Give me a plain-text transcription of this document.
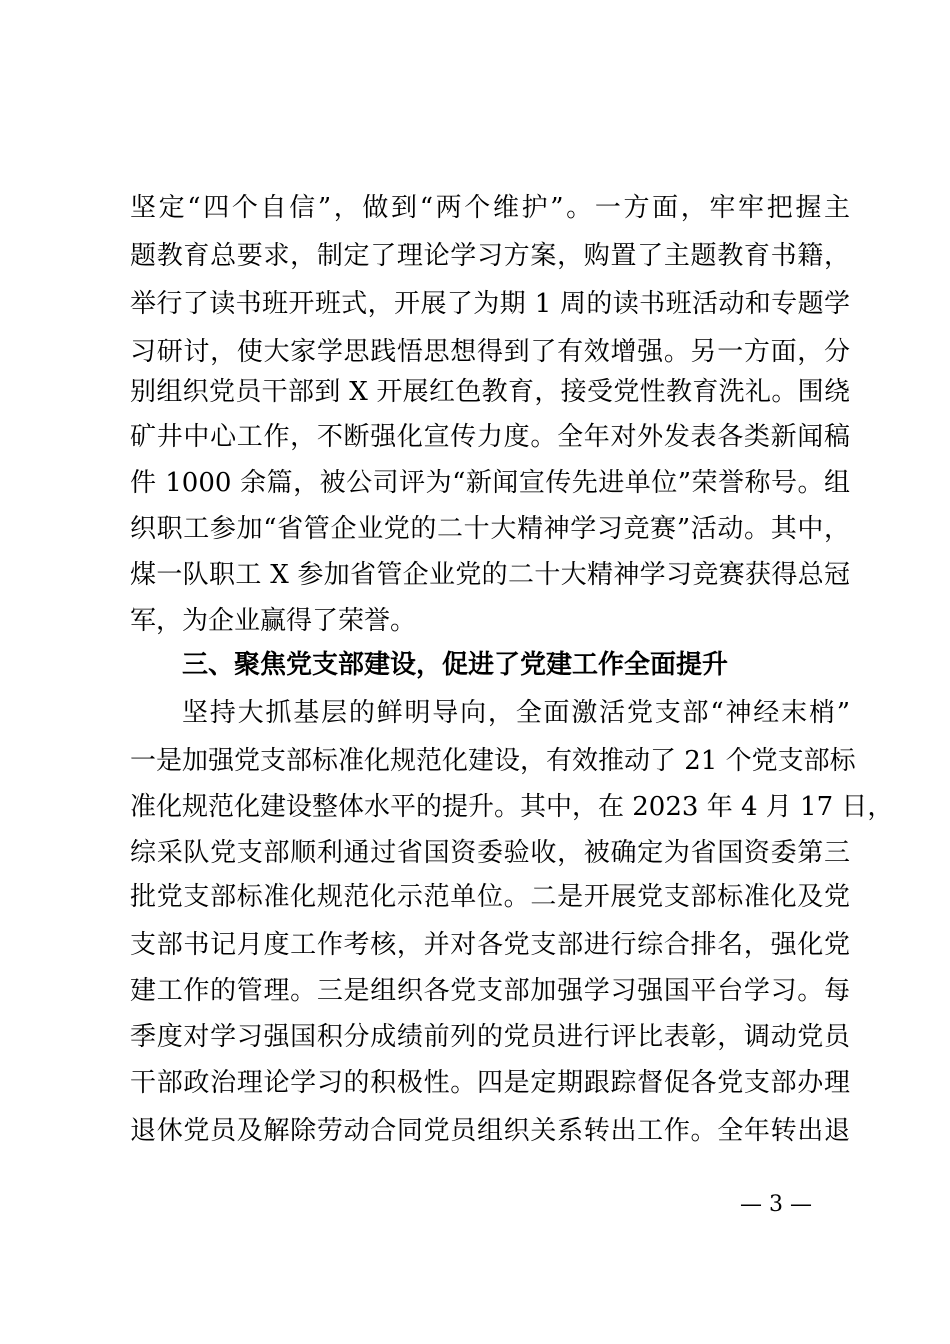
坚定“四个自信”，做到“两个维护”。一方面，牢牢把握主
题教育总要求，制定了理论学习方案，购置了主题教育书籍，
举行了读书班开班式，开展了为期 1 周的读书班活动和专题学
习研讨，使大家学思践悟思想得到了有效增强。另一方面，分
别组织党员干部到 X 开展红色教育，接受党性教育洗礼。围绕
矿井中心工作，不断强化宣传力度。全年对外发表各类新闻稿
件 1000 余篇，被公司评为“新闻宣传先进单位”荣誉称号。组
织职工参加“省管企业党的二十大精神学习竞赛”活动。其中，
煤一队职工 X 参加省管企业党的二十大精神学习竞赛获得总冠
军，为企业赢得了荣誉。
三、聚焦党支部建设，促进了党建工作全面提升
坚持大抓基层的鲜明导向，全面激活党支部“神经末梢”
一是加强党支部标准化规范化建设，有效推动了 21 个党支部标
准化规范化建设整体水平的提升。其中，在 2023 年 4 月 17 日，
综采队党支部顺利通过省国资委验收，被确定为省国资委第三
批党支部标准化规范化示范单位。二是开展党支部标准化及党
支部书记月度工作考核，并对各党支部进行综合排名，强化党
建工作的管理。三是组织各党支部加强学习强国平台学习。每
季度对学习强国积分成绩前列的党员进行评比表彰，调动党员
干部政治理论学习的积极性。四是定期跟踪督促各党支部办理
退休党员及解除劳动合同党员组织关系转出工作。全年转出退
— 3 —
